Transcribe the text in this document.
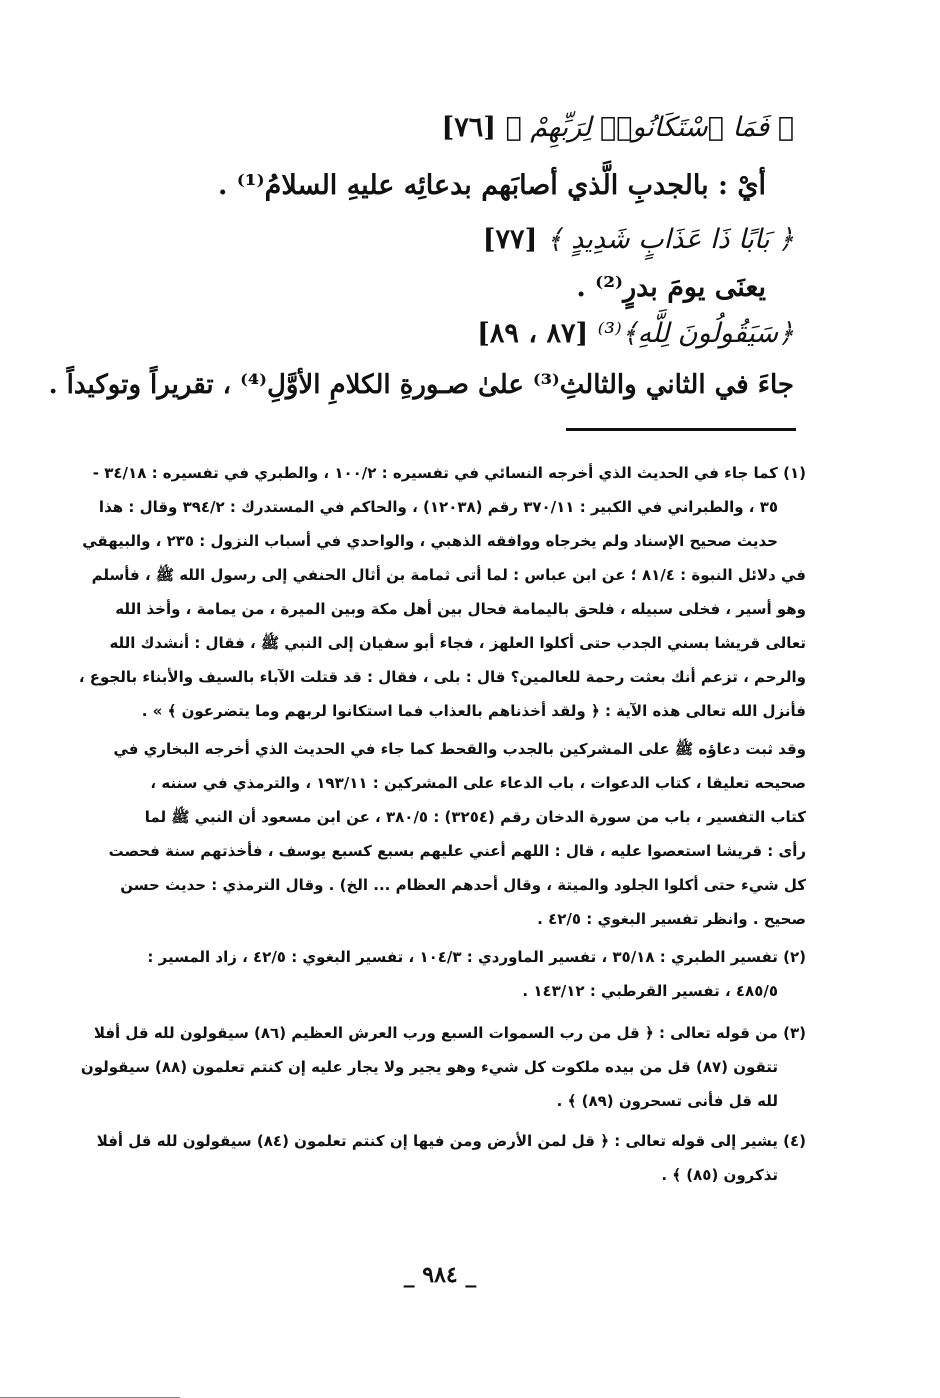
﴿ فَمَا ٱسْتَكَانُوا۟ لِرَبِّهِمْ ﴾ [٧٦]
أيْ : بالجدبِ الَّذي أصابَهم بدعائِه عليهِ السلامُ⁽¹⁾ .
﴿ بَابًا ذَا عَذَابٍ شَدِيدٍ ﴾ [٧٧]
يعنَى يومَ بدرٍ⁽²⁾ .
﴿سَيَقُولُونَ لِلَّهِ﴾⁽³⁾ [٨٧ ، ٨٩]
جاءَ في الثاني والثالثِ⁽³⁾ علىٰ صـورةِ الكلامِ الأوَّلِ⁽⁴⁾ ، تقريراً وتوكيداً .
(١) كما جاء في الحديث الذي أخرجه النسائي في تفسيره : ١٠٠/٢ ، والطبري في تفسيره : ٣٤/١٨ -
٣٥ ، والطبراني في الكبير : ٣٧٠/١١ رقم (١٢٠٣٨) ، والحاكم في المستدرك : ٣٩٤/٢ وقال : هذا
حديث صحيح الإسناد ولم يخرجاه ووافقه الذهبي ، والواحدي في أسباب النزول : ٢٣٥ ، والبيهقي
في دلائل النبوة : ٨١/٤ ؛ عن ابن عباس : لما أتى ثمامة بن أثال الحنفي إلى رسول الله ﷺ ، فأسلم
وهو أسير ، فخلى سبيله ، فلحق باليمامة فحال بين أهل مكة وبين الميرة ، من يمامة ، وأخذ الله
تعالى قريشا بسني الجدب حتى أكلوا العلهز ، فجاء أبو سفيان إلى النبي ﷺ ، فقال : أنشدك الله
والرحم ، تزعم أنك بعثت رحمة للعالمين؟ قال : بلى ، فقال : قد قتلت الآباء بالسيف والأبناء بالجوع ،
فأنزل الله تعالى هذه الآية : ﴿ ولقد أخذناهم بالعذاب فما استكانوا لربهم وما يتضرعون ﴾ » .
وقد ثبت دعاؤه ﷺ على المشركين بالجدب والقحط كما جاء في الحديث الذي أخرجه البخاري في
صحيحه تعليقا ، كتاب الدعوات ، باب الدعاء على المشركين : ١٩٣/١١ ، والترمذي في سننه ،
كتاب التفسير ، باب من سورة الدخان رقم (٣٢٥٤) : ٣٨٠/٥ ، عن ابن مسعود أن النبي ﷺ لما
رأى : قريشا استعصوا عليه ، قال : اللهم أعني عليهم بسبع كسبع يوسف ، فأخذتهم سنة فحصت
كل شيء حتى أكلوا الجلود والميتة ، وقال أحدهم العظام ... الخ) . وقال الترمذي : حديث حسن
صحيح . وانظر تفسير البغوي : ٤٢/٥ .
(٢) تفسير الطبري : ٣٥/١٨ ، تفسير الماوردي : ١٠٤/٣ ، تفسير البغوي : ٤٢/٥ ، زاد المسير :
٤٨٥/٥ ، تفسير القرطبي : ١٤٣/١٢ .
(٣) من قوله تعالى : ﴿ قل من رب السموات السبع ورب العرش العظيم (٨٦) سيقولون لله قل أفلا
تتقون (٨٧) قل من بيده ملكوت كل شيء وهو يجير ولا يجار عليه إن كنتم تعلمون (٨٨) سيقولون
لله قل فأنى تسحرون (٨٩) ﴾ .
(٤) يشير إلى قوله تعالى : ﴿ قل لمن الأرض ومن فيها إن كنتم تعلمون (٨٤) سيقولون لله قل أفلا
تذكرون (٨٥) ﴾ .
_ ٩٨٤ _
